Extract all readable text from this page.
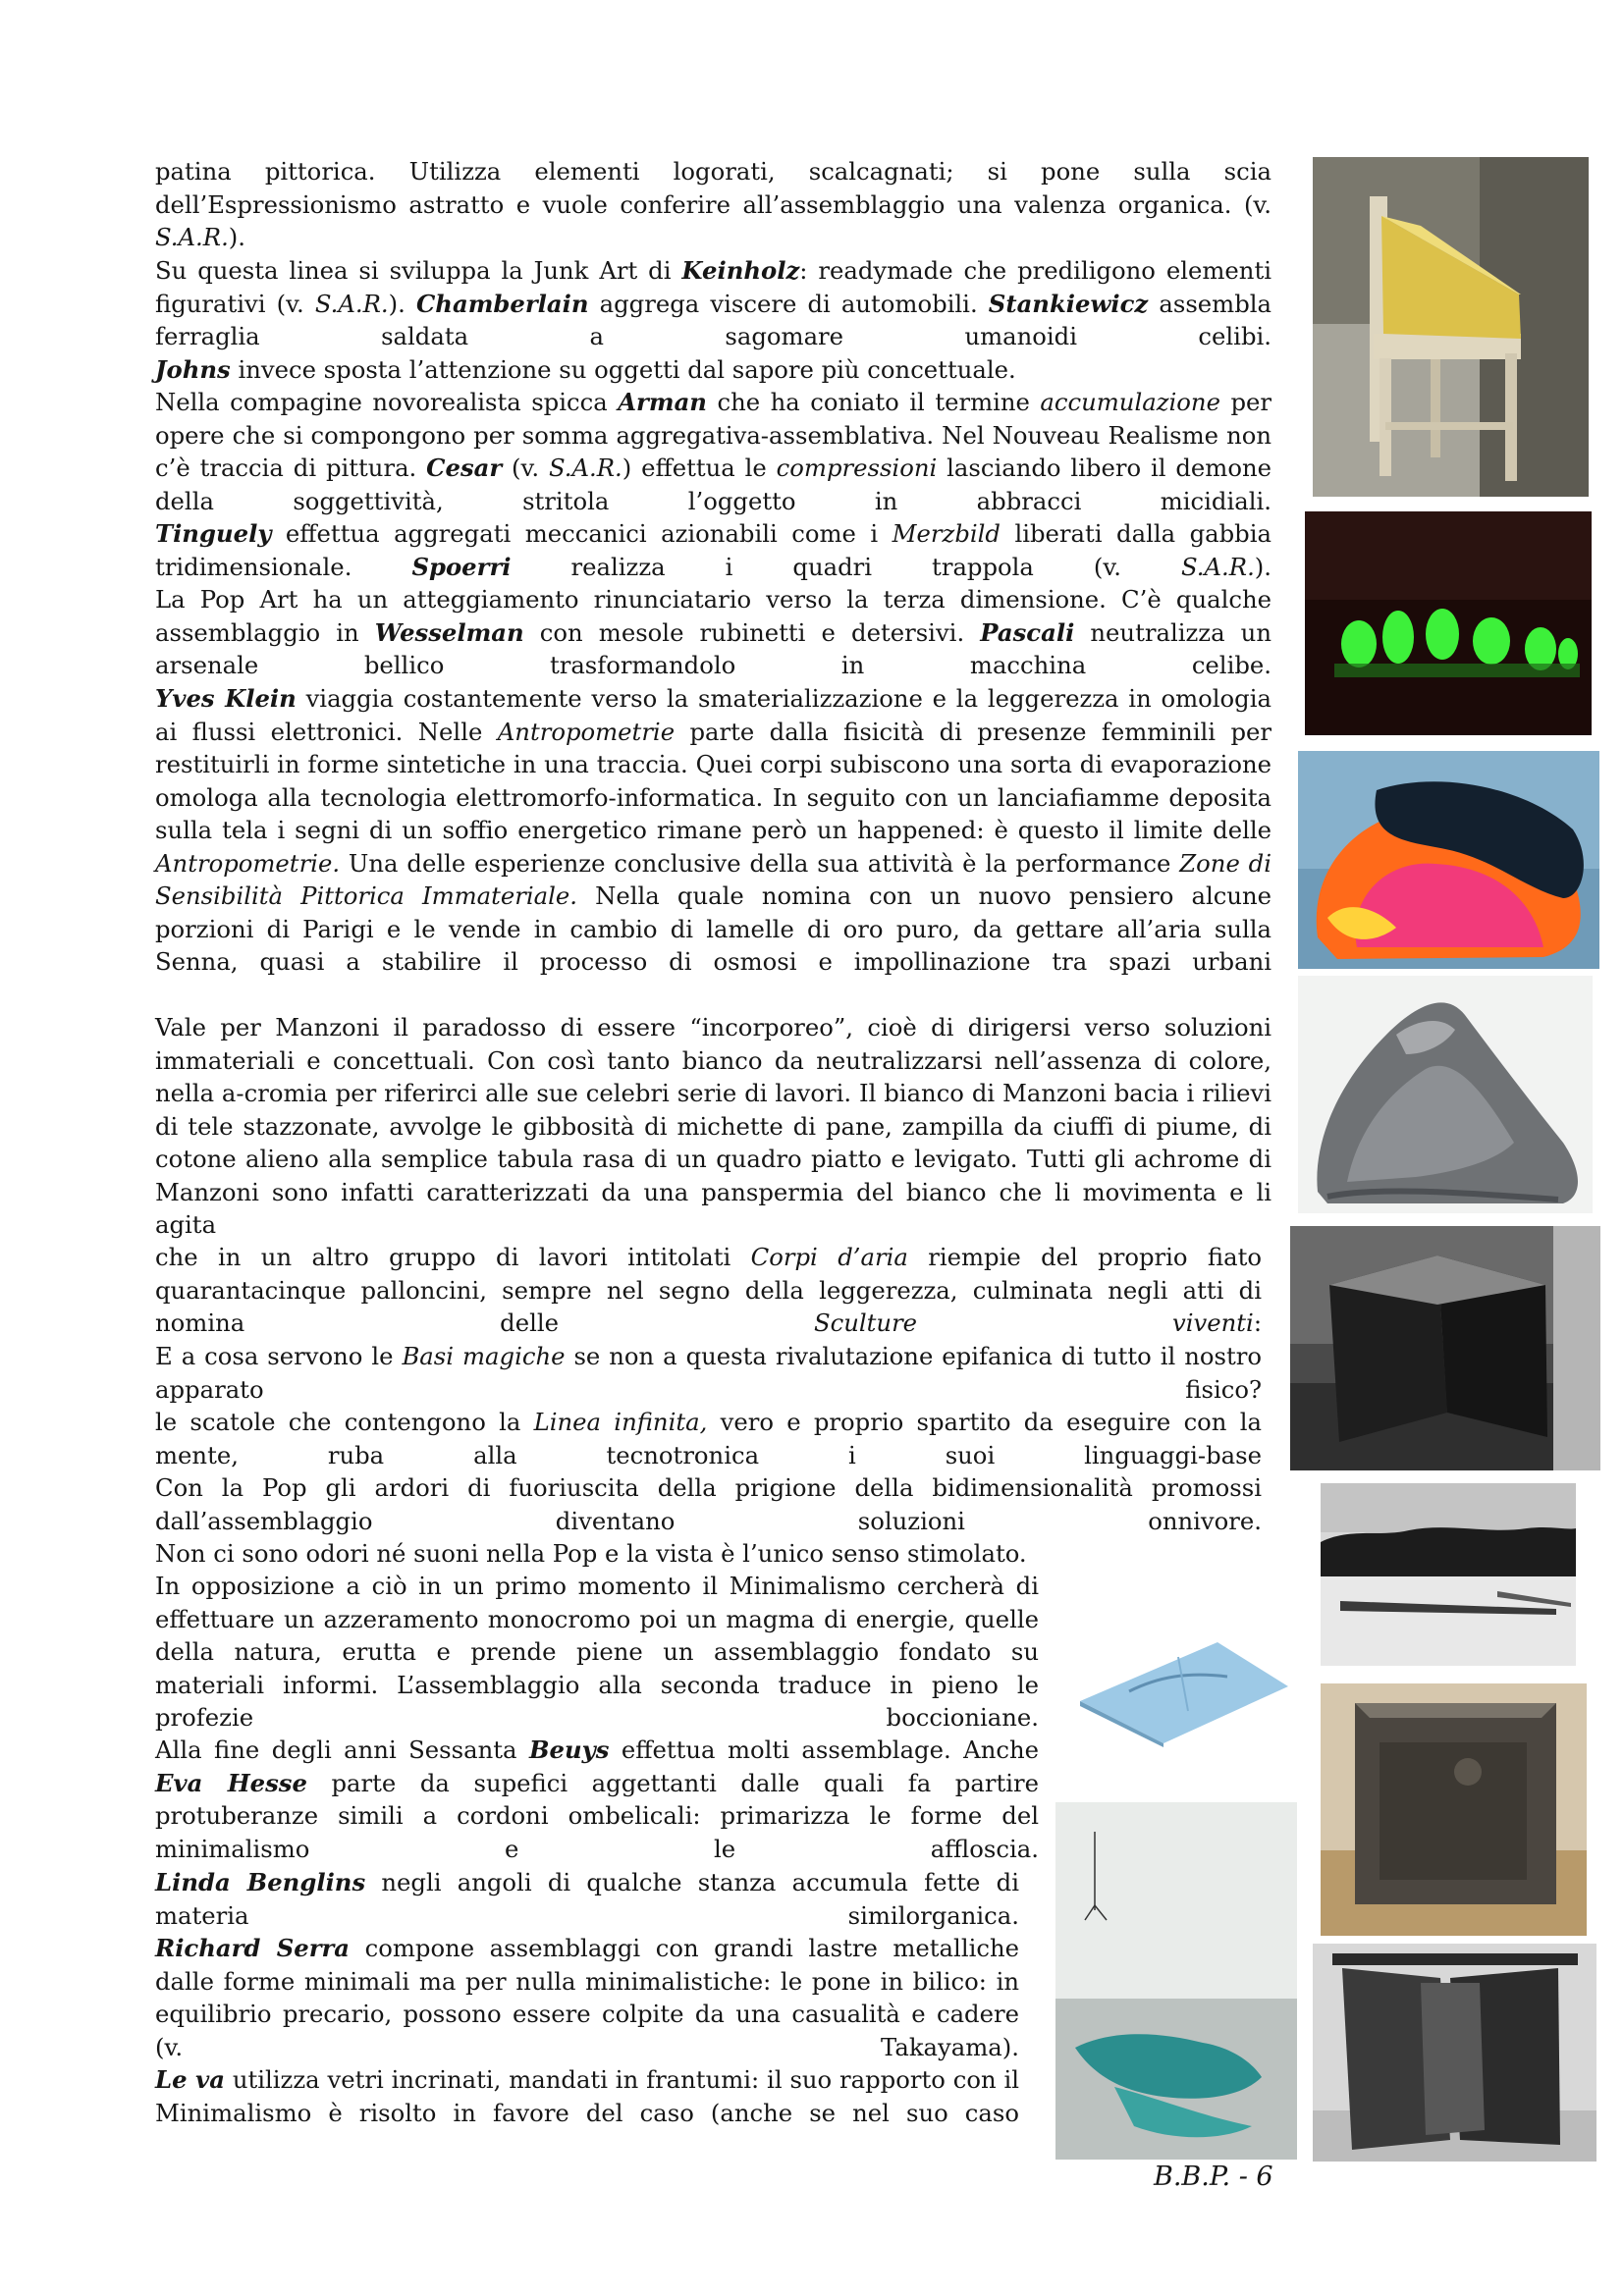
patina pittorica. Utilizza elementi logorati, scalcagnati; si pone sulla scia dell’Espressionismo astratto e vuole conferire all’assemblaggio una valenza organica. (v. S.A.R.).
Su questa linea si sviluppa la Junk Art di Keinholz: readymade che prediligono elementi figurativi (v. S.A.R.). Chamberlain aggrega viscere di automobili. Stankiewicz assembla ferraglia saldata a sagomare umanoidi celibi.
Johns invece sposta l’attenzione su oggetti dal sapore più concettuale.
Nella compagine novorealista spicca Arman che ha coniato il termine accumulazione per opere che si compongono per somma aggregativa-assemblativa. Nel Nouveau Realisme non c’è traccia di pittura. Cesar (v. S.A.R.) effettua le compressioni lasciando libero il demone della soggettività, stritola l’oggetto in abbracci micidiali.
Tinguely effettua aggregati meccanici azionabili come i Merzbild liberati dalla gabbia tridimensionale. Spoerri realizza i quadri trappola (v. S.A.R.).
La Pop Art ha un atteggiamento rinunciatario verso la terza dimensione. C’è qualche assemblaggio in Wesselman con mesole rubinetti e detersivi. Pascali neutralizza un arsenale bellico trasformandolo in macchina celibe.
Yves Klein viaggia costantemente verso la smaterializzazione e la leggerezza in omologia ai flussi elettronici. Nelle Antropometrie parte dalla fisicità di presenze femminili per restituirli in forme sintetiche in una traccia. Quei corpi subiscono una sorta di evaporazione omologa alla tecnologia elettromorfo-informatica. In seguito con un lanciafiamme deposita sulla tela i segni di un soffio energetico rimane però un happened: è questo il limite delle Antropometrie. Una delle esperienze conclusive della sua attività è la performance Zone di Sensibilità Pittorica Immateriale. Nella quale nomina con un nuovo pensiero alcune porzioni di Parigi e le vende in cambio di lamelle di oro puro, da gettare all’aria sulla Senna, quasi a stabilire il processo di osmosi e impollinazione tra spazi urbani
Vale per Manzoni il paradosso di essere “incorporeo”, cioè di dirigersi verso soluzioni immateriali e concettuali. Con così tanto bianco da neutralizzarsi nell’assenza di colore, nella a-cromia per riferirci alle sue celebri serie di lavori. Il bianco di Manzoni bacia i rilievi di tele stazzonate, avvolge le gibbosità di michette di pane, zampilla da ciuffi di piume, di cotone alieno alla semplice tabula rasa di un quadro piatto e levigato. Tutti gli achrome di Manzoni sono infatti caratterizzati da una panspermia del bianco che li movimenta e li agita
che in un altro gruppo di lavori intitolati Corpi d’aria riempie del proprio fiato quarantacinque palloncini, sempre nel segno della leggerezza, culminata negli atti di nomina delle Sculture viventi:
E a cosa servono le Basi magiche se non a questa rivalutazione epifanica di tutto il nostro apparato fisico?
le scatole che contengono la Linea infinita, vero e proprio spartito da eseguire con la mente, ruba alla tecnotronica i suoi linguaggi-base
Con la Pop gli ardori di fuoriuscita della prigione della bidimensionalità promossi dall’assemblaggio diventano soluzioni onnivore.
Non ci sono odori né suoni nella Pop e la vista è l’unico senso stimolato.
In opposizione a ciò in un primo momento il Minimalismo cercherà di effettuare un azzeramento monocromo poi un magma di energie, quelle della natura, erutta e prende piene un assemblaggio fondato su materiali informi. L’assemblaggio alla seconda traduce in pieno le profezie boccioniane.
Alla fine degli anni Sessanta Beuys effettua molti assemblage. Anche Eva Hesse parte da supefici aggettanti dalle quali fa partire protuberanze simili a cordoni ombelicali: primarizza le forme del minimalismo e le affloscia.
Linda Benglins negli angoli di qualche stanza accumula fette di materia similorganica.
Richard Serra compone assemblaggi con grandi lastre metalliche dalle forme minimali ma per nulla minimalistiche: le pone in bilico: in equilibrio precario, possono essere colpite da una casualità e cadere (v. Takayama).
Le va utilizza vetri incrinati, mandati in frantumi: il suo rapporto con il Minimalismo è risolto in favore del caso (anche se nel suo caso
B.B.P. - 6
